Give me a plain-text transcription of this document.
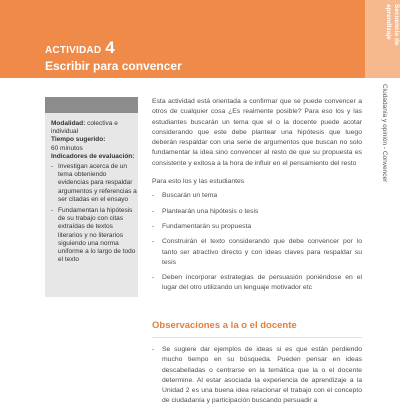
ACTIVIDAD 4
Escribir para convencer
Secuencia de aprendizaje
Ciudadanía y opinión - Convencer

Modalidad: colectiva e individual

Tiempo sugerido:

60 minutos

Indicadores de evaluación:

- Investigan acerca de un tema obteniendo evidencias para respaldar argumentos y referencias a ser citadas en el ensayo
- Fundamentan la hipótesis de su trabajo con citas extraídas de textos literarios y no literarios siguiendo una norma uniforme a lo largo de todo el texto

Esta actividad está orientada a confirmar que se puede convencer a otros de cualquier cosa ¿Es realmente posible? Para eso los y las estudiantes buscarán un tema que el o la docente puede acotar considerando que este debe plantear una hipótesis que luego deberán respaldar con una serie de argumentos que buscan no solo fundamentar la idea sino convencer al resto de que su propuesta es consistente y exitosa a la hora de influir en el pensamiento del resto

Para esto los y las estudiantes

- Buscarán un tema
- Plantearán una hipótesis o tesis
- Fundamentarán su propuesta
- Construirán el texto considerando que debe convencer por lo tanto ser atractivo directo y con ideas claves para respaldar su tesis
- Deben incorporar estrategias de persuasión poniéndose en el lugar del otro utilizando un lenguaje motivador etc
Observaciones a la o el docente

- Se sugiere dar ejemplos de ideas si es que están perdiendo mucho tiempo en su búsqueda. Pueden pensar en ideas descabelladas o centrarse en la temática que la o el docente determine. Al estar asociada la experiencia de aprendizaje a la Unidad 2 es una buena idea relacionar el trabajo con el concepto de ciudadanía y participación buscando persuadir a
